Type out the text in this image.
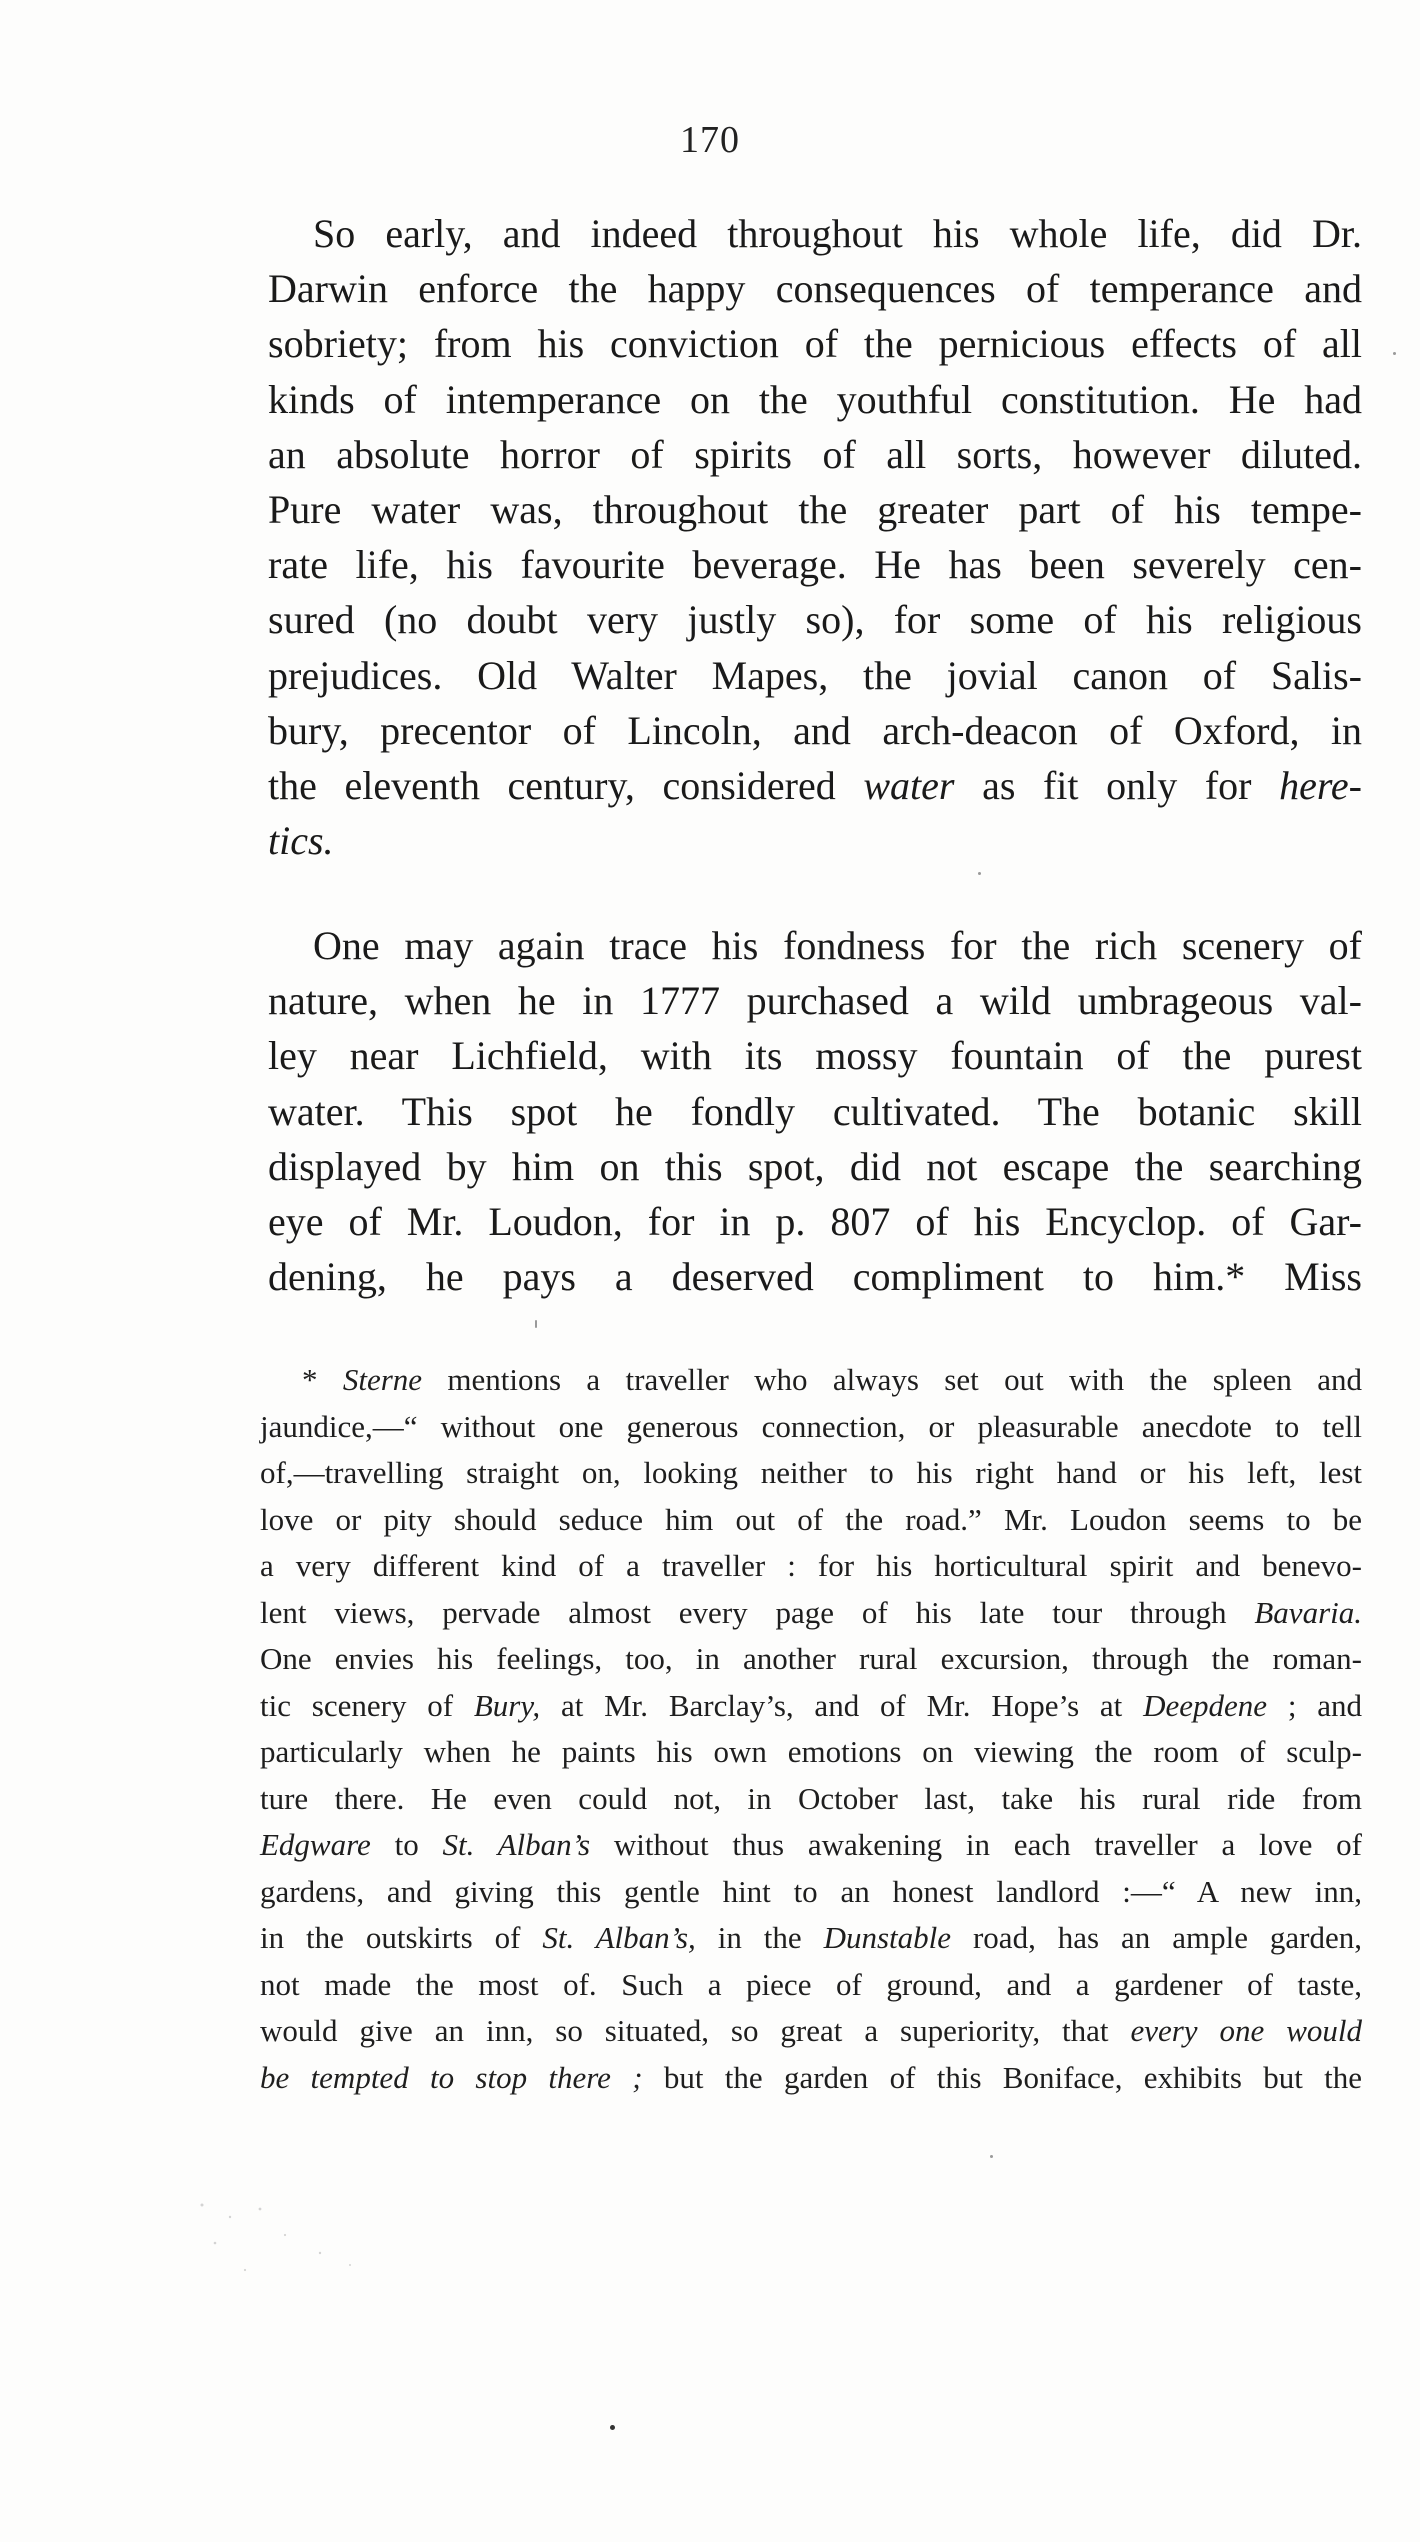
170
So early, and indeed throughout his whole life, did Dr.
Darwin enforce the happy consequences of temperance and
sobriety; from his conviction of the pernicious effects of all
kinds of intemperance on the youthful constitution. He had
an absolute horror of spirits of all sorts, however diluted.
Pure water was, throughout the greater part of his tempe-
rate life, his favourite beverage. He has been severely cen-
sured (no doubt very justly so), for some of his religious
prejudices. Old Walter Mapes, the jovial canon of Salis-
bury, precentor of Lincoln, and arch-deacon of Oxford, in
the eleventh century, considered water as fit only for here-
tics.
One may again trace his fondness for the rich scenery of
nature, when he in 1777 purchased a wild umbrageous val-
ley near Lichfield, with its mossy fountain of the purest
water. This spot he fondly cultivated. The botanic skill
displayed by him on this spot, did not escape the searching
eye of Mr. Loudon, for in p. 807 of his Encyclop. of Gar-
dening, he pays a deserved compliment to him.* Miss
* Sterne mentions a traveller who always set out with the spleen and
jaundice,—“ without one generous connection, or pleasurable anecdote to tell
of,—travelling straight on, looking neither to his right hand or his left, lest
love or pity should seduce him out of the road.” Mr. Loudon seems to be
a very different kind of a traveller : for his horticultural spirit and benevo-
lent views, pervade almost every page of his late tour through Bavaria.
One envies his feelings, too, in another rural excursion, through the roman-
tic scenery of Bury, at Mr. Barclay’s, and of Mr. Hope’s at Deepdene ; and
particularly when he paints his own emotions on viewing the room of sculp-
ture there. He even could not, in October last, take his rural ride from
Edgware to St. Alban’s without thus awakening in each traveller a love of
gardens, and giving this gentle hint to an honest landlord :—“ A new inn,
in the outskirts of St. Alban’s, in the Dunstable road, has an ample garden,
not made the most of. Such a piece of ground, and a gardener of taste,
would give an inn, so situated, so great a superiority, that every one would
be tempted to stop there ; but the garden of this Boniface, exhibits but the
